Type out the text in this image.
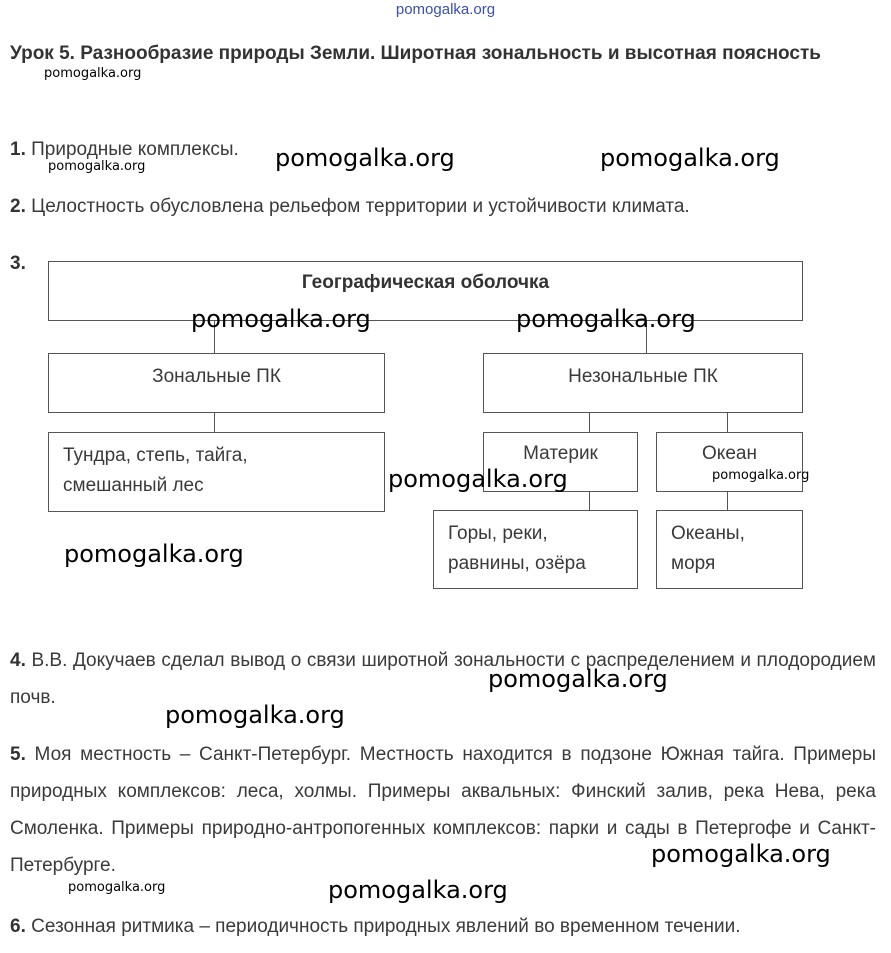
pomogalka.org
Урок 5. Разнообразие природы Земли. Широтная зональность и высотная поясность
1. Природные комплексы.
2. Целостность обусловлена рельефом территории и устойчивости климата.
3.
Географическая оболочка
Зональные ПК	Незональные ПК
Тундра, степь, тайга,
смешанный лес
Материк	Океан
Горы, реки,
равнины, озёра
Океаны,
моря
4. В.В. Докучаев сделал вывод о связи широтной зональности с распределением и плодородием почв.
5. Моя местность – Санкт-Петербург. Местность находится в подзоне Южная тайга. Примеры природных комплексов: леса, холмы. Примеры аквальных: Финский залив, река Нева, река Смоленка. Примеры природно-антропогенных комплексов: парки и сады в Петергофе и Санкт-Петербурге.
6. Сезонная ритмика – периодичность природных явлений во временном течении.
pomogalka.org
pomogalka.org	pomogalka.org	pomogalka.org
pomogalka.org	pomogalka.org
pomogalka.org	pomogalka.org
pomogalka.org
pomogalka.org
pomogalka.org
pomogalka.org
pomogalka.org	pomogalka.org
